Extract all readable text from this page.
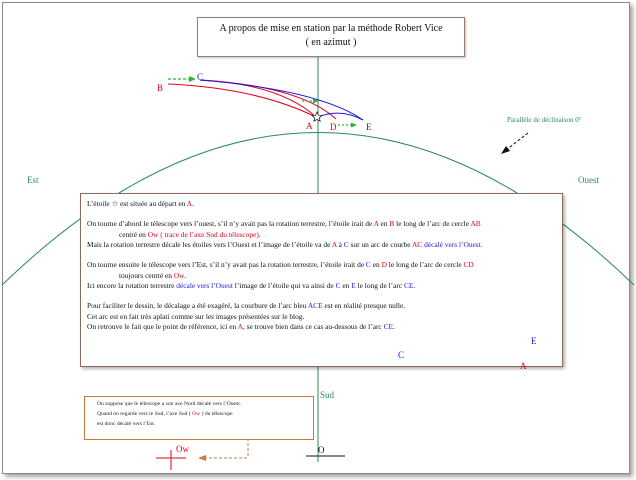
A propos de mise en station par la méthode Robert Vice
( en azimut )
C
B
A D	E
Est	Ouest
Parallèle de déclinaison 0°
Sud
Ow	O
L’étoile ☆ est située au départ en A.
On tourne d’abord le télescope vers l’ouest, s’il n’y avait pas la rotation terrestre, l’étoile irait de A en B le long de l’arc de cercle AB
centré en Ow ( trace de l’axe Sud du télescope).
Mais la rotation terrestre décale les étoiles vers l’Ouest et l’image de l’étoile va de A à C sur un arc de courbe AC décalé vers l’Ouest.
On tourne ensuite le télescope vers l’Est, s’il n’y avait pas la rotation terrestre, l’étoile irait de C en D le long de l’arc de cercle CD
toujours centré en Ow.
Ici encore la rotation terrestre décale vers l’Ouest l’image de l’étoile qui va ainsi de C en E le long de l’arc CE.
Pour faciliter le dessin, le décalage a été exagéré, la courbure de l’arc bleu ACE est en réalité presque nulle.
Cet arc est en fait très aplati comme sur les images présentées sur le blog.
On retrouve le fait que le point de référence, ici en A, se trouve bien dans ce cas au-dessous de l’arc CE.
C
E
A
On suppose que le télescope a son axe Nord décalé vers l’Ouest.
Quand on regarde vers le Sud, l’axe Sud ( Ow ) du télescope
est donc décalé vers l’Est.
